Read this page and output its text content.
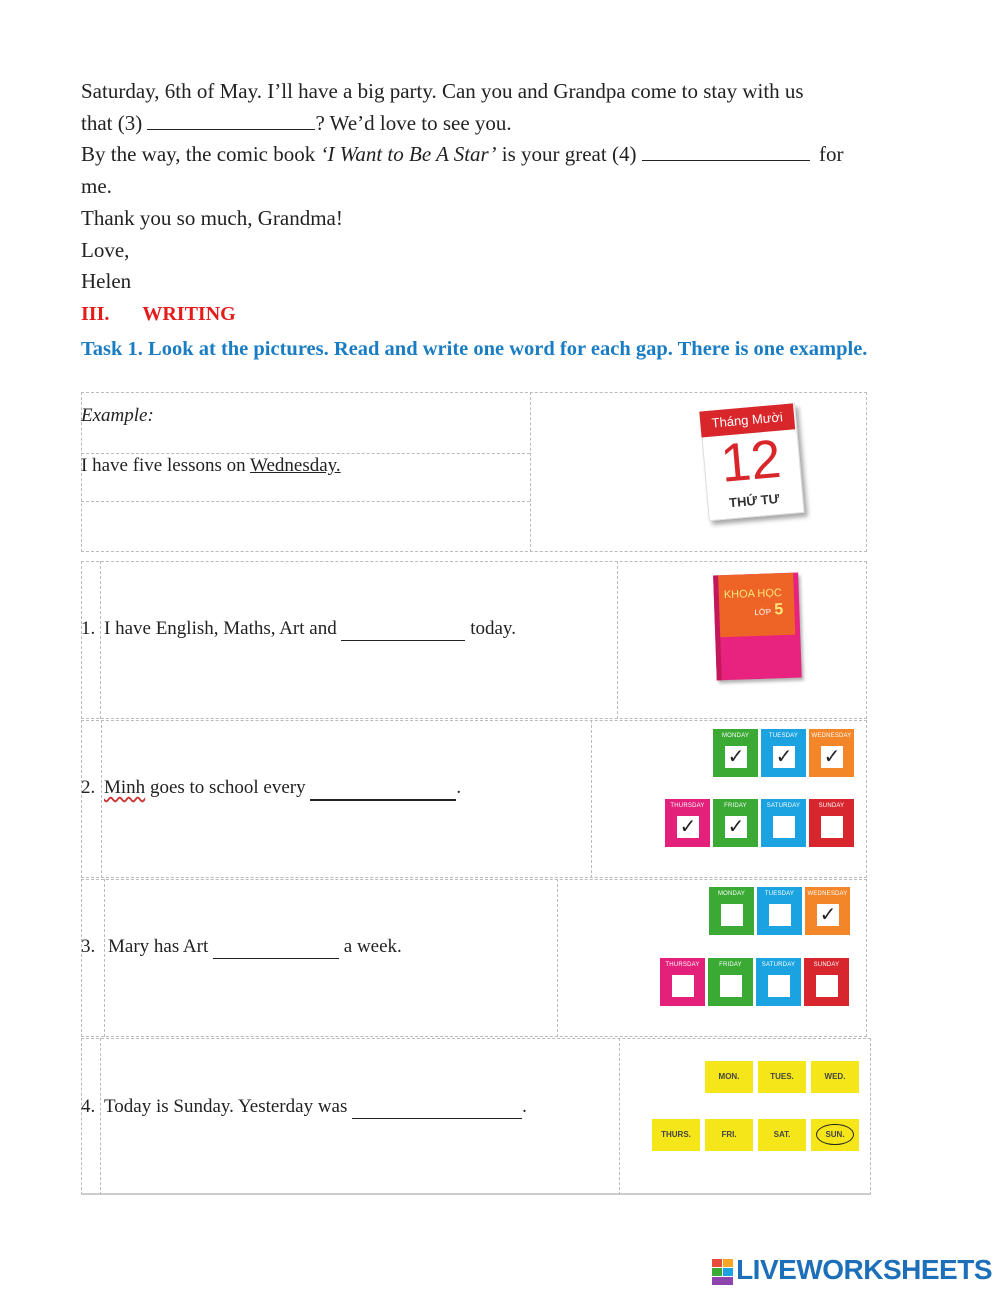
Saturday, 6th of May. I’ll have a big party. Can you and Grandpa come to stay with us
that (3)	? We’d love to see you.
By the way, the comic book ‘I Want to Be A Star’ is your great (4)	for
me.
Thank you so much, Grandma!
Love,
Helen
III. WRITING
Task 1. Look at the pictures. Read and write one word for each gap. There is one example.
Example:
I have five lessons on Wednesday.
Tháng Mười
12
THỨ TƯ
1. I have English, Maths, Art and	today.
KHOA HỌC
LỚP 5
2. Minh goes to school every	.
MONDAY
✓
TUESDAY
✓
WEDNESDAY
✓
THURSDAY
✓
FRIDAY
✓
SATURDAY	SUNDAY
3. Mary has Art	a week.
MONDAY	TUESDAY	WEDNESDAY
✓
THURSDAY	FRIDAY	SATURDAY	SUNDAY
4. Today is Sunday. Yesterday was	.
MON.	TUES.	WED.
THURS.	FRI.	SAT.	SUN.
LIVEWORKSHEETS
